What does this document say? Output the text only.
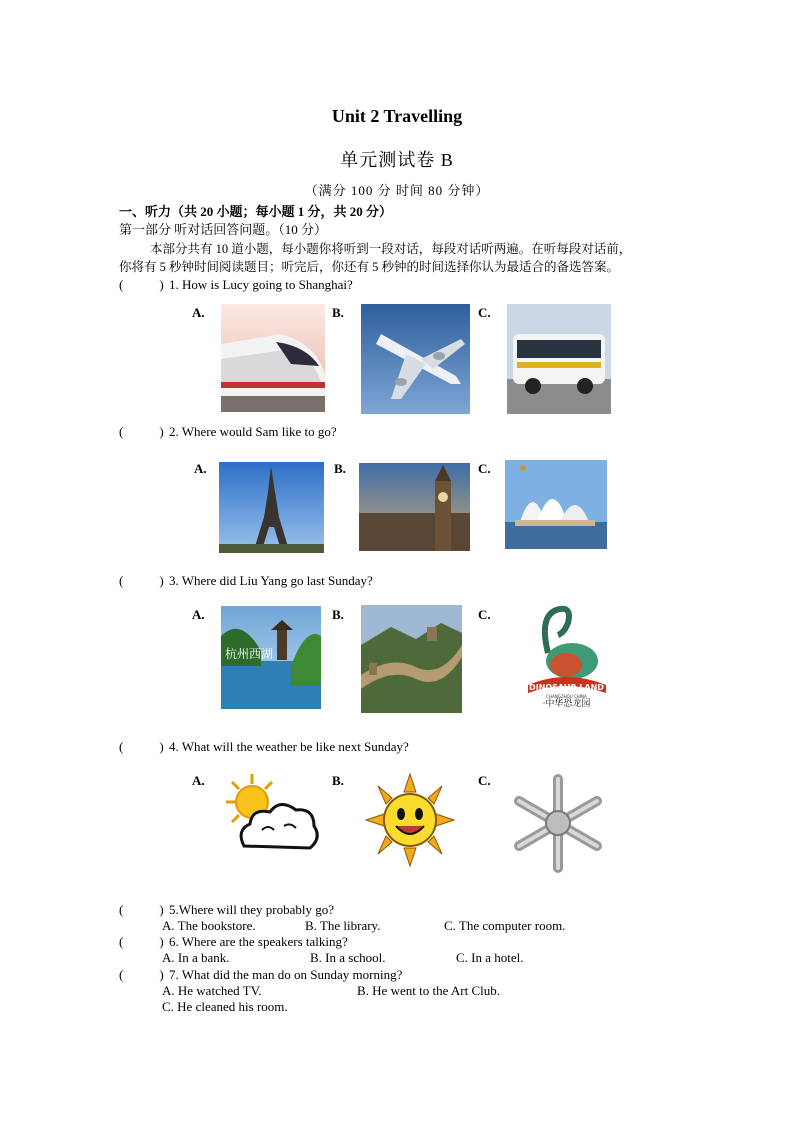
Unit 2 Travelling
单元测试卷 B
（满分 100 分 时间 80 分钟）
一、听力（共 20 小题；每小题 1 分，共 20 分）
第一部分 听对话回答问题。（10 分）
本部分共有 10 道小题，每小题你将听到一段对话，每段对话听两遍。在听每段对话前，
你将有 5 秒钟时间阅读题目；听完后，你还有 5 秒钟的时间选择你认为最适合的备选答案。
(	) 1. How is Lucy going to Shanghai?
A.	B.	C.
(	) 2. Where would Sam like to go?
A.	B.	C.
(	) 3. Where did Liu Yang go last Sunday?
A.	B.	C.
杭州西湖
DINOSAUR LAND
CHANGZHOU CHINA
·中华恐龙园
(	) 4. What will the weather be like next Sunday?
A.	B.	C.
(	) 5.Where will they probably go?
A. The bookstore.	B. The library.	C. The computer room.
(	) 6. Where are the speakers talking?
A. In a bank.	B. In a school.	C. In a hotel.
(	) 7. What did the man do on Sunday morning?
A. He watched TV.	B. He went to the Art Club.
C. He cleaned his room.
